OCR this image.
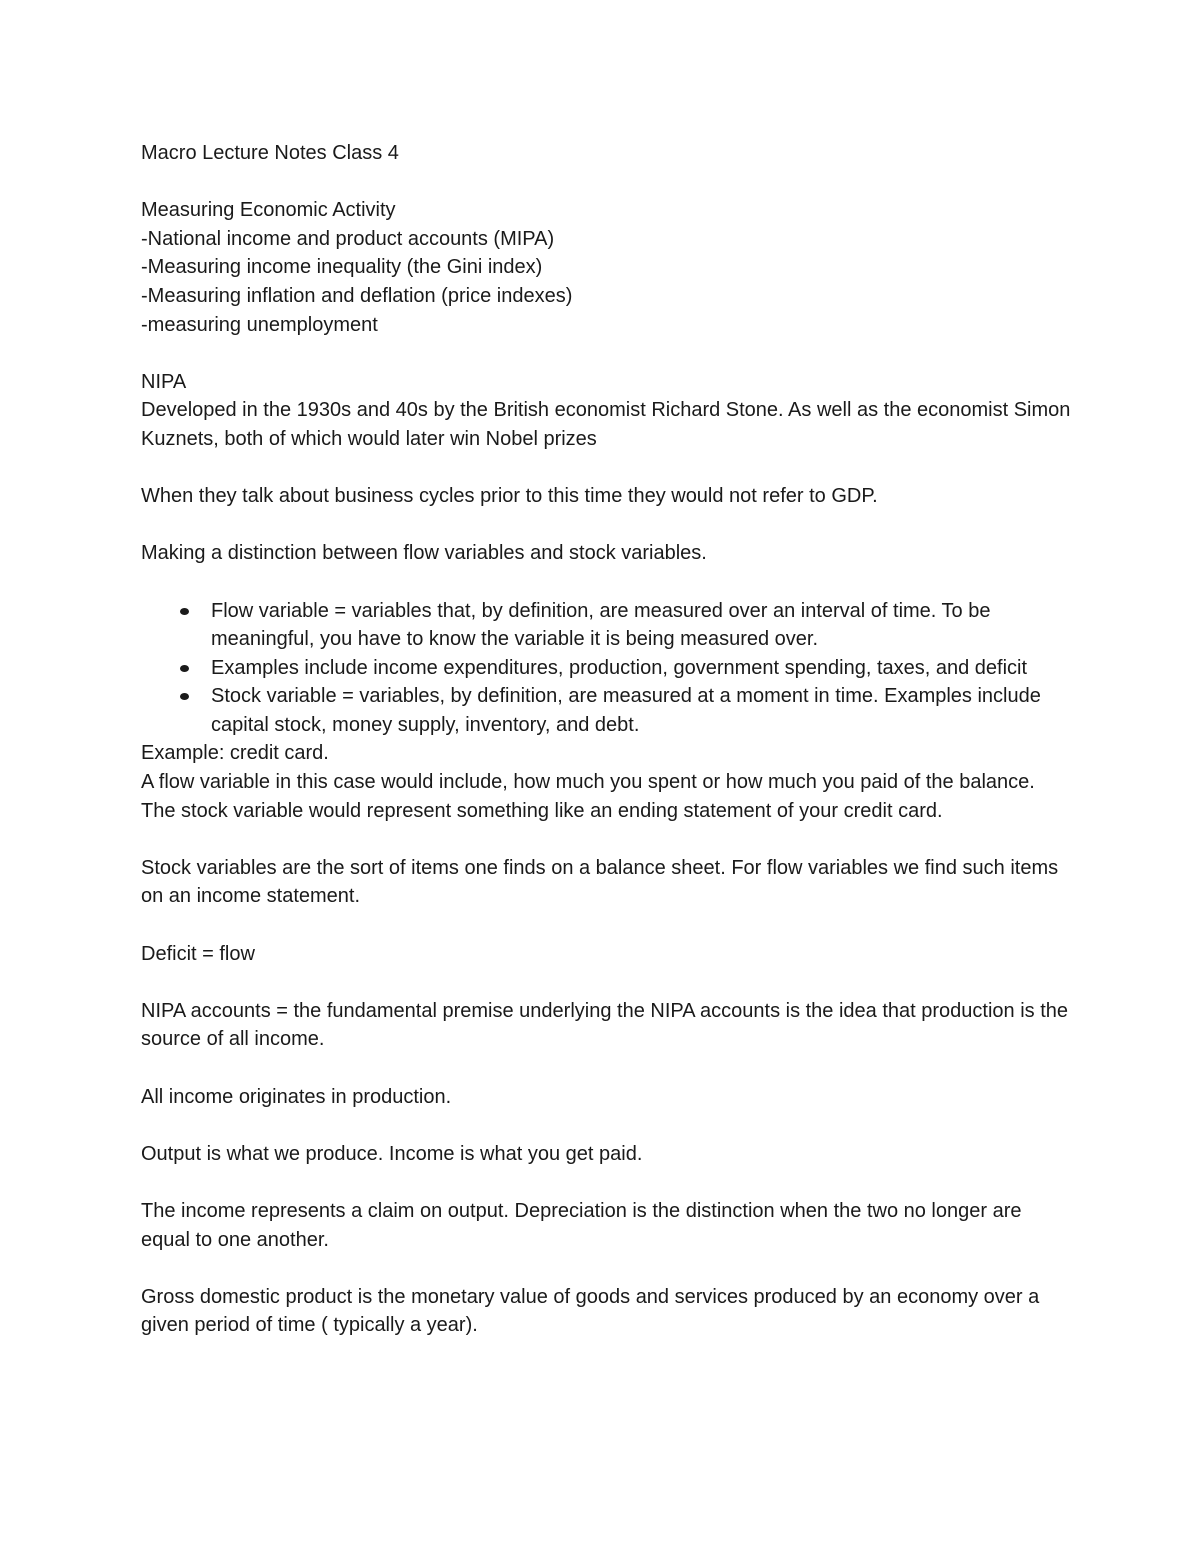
Macro Lecture Notes Class 4

Measuring Economic Activity

-National income and product accounts (MIPA)

-Measuring income inequality (the Gini index)

-Measuring inflation and deflation (price indexes)

-measuring unemployment

NIPA

Developed in the 1930s and 40s by the British economist Richard Stone. As well as the economist Simon Kuznets, both of which would later win Nobel prizes

When they talk about business cycles prior to this time they would not refer to GDP.

Making a distinction between flow variables and stock variables.

Flow variable = variables that, by definition, are measured over an interval of time. To be meaningful, you have to know the variable it is being measured over.
Examples include income expenditures, production, government spending, taxes, and deficit
Stock variable = variables, by definition, are measured at a moment in time. Examples include capital stock, money supply, inventory, and debt.

Example: credit card.

A flow variable in this case would include, how much you spent or how much you paid of the balance. The stock variable would represent something like an ending statement of your credit card.

Stock variables are the sort of items one finds on a balance sheet. For flow variables we find such items on an income statement.

Deficit = flow

NIPA accounts = the fundamental premise underlying the NIPA accounts is the idea that production is the source of all income.

All income originates in production.

Output is what we produce. Income is what you get paid.

The income represents a claim on output. Depreciation is the distinction when the two no longer are equal to one another.

Gross domestic product is the monetary value of goods and services produced by an economy over a given period of time ( typically a year).
